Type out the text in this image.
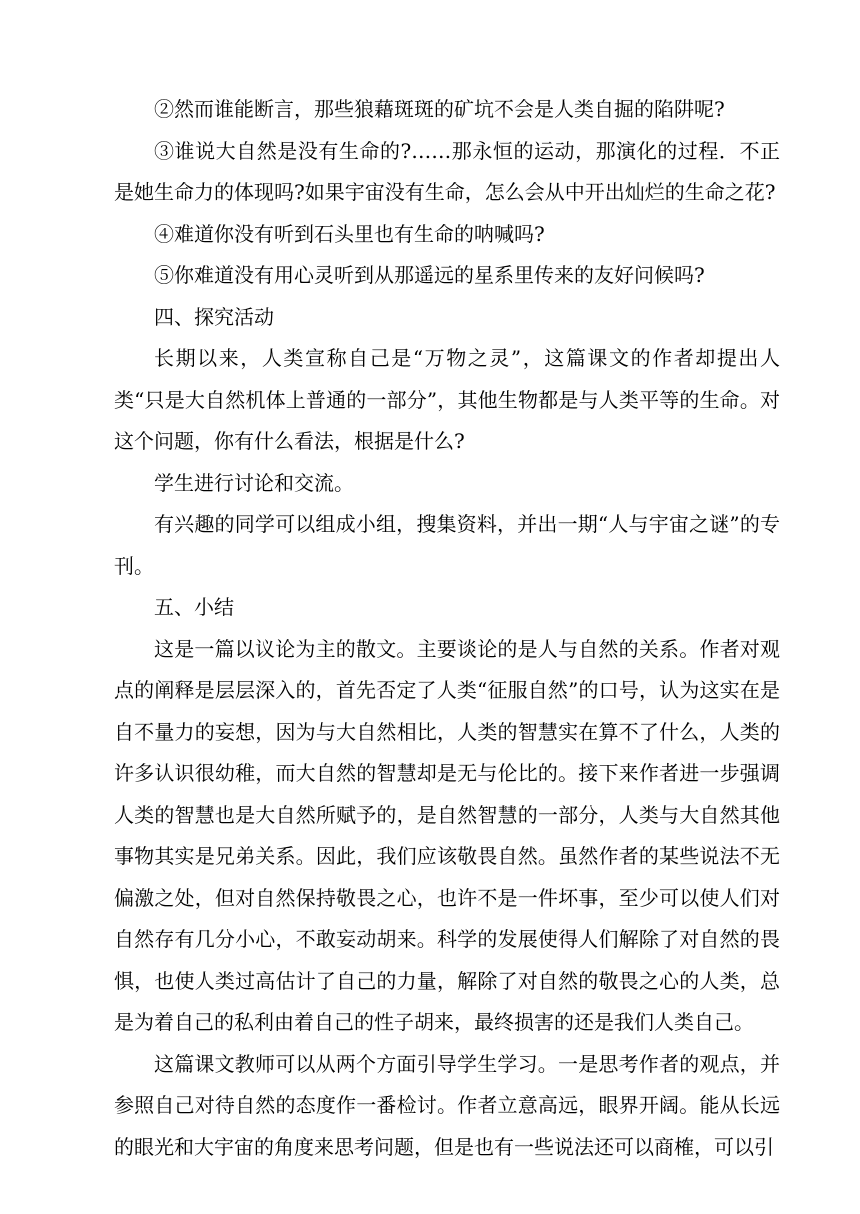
②然而谁能断言，那些狼藉斑斑的矿坑不会是人类自掘的陷阱呢?

③谁说大自然是没有生命的?……那永恒的运动，那演化的过程．不正是她生命力的体现吗?如果宇宙没有生命，怎么会从中开出灿烂的生命之花?

④难道你没有听到石头里也有生命的呐喊吗?

⑤你难道没有用心灵听到从那遥远的星系里传来的友好问候吗?

四、探究活动

长期以来，人类宣称自己是“万物之灵”，这篇课文的作者却提出人类“只是大自然机体上普通的一部分”，其他生物都是与人类平等的生命。对这个问题，你有什么看法，根据是什么?

学生进行讨论和交流。

有兴趣的同学可以组成小组，搜集资料，并出一期“人与宇宙之谜”的专刊。

五、小结

这是一篇以议论为主的散文。主要谈论的是人与自然的关系。作者对观点的阐释是层层深入的，首先否定了人类“征服自然”的口号，认为这实在是自不量力的妄想，因为与大自然相比，人类的智慧实在算不了什么，人类的许多认识很幼稚，而大自然的智慧却是无与伦比的。接下来作者进一步强调人类的智慧也是大自然所赋予的，是自然智慧的一部分，人类与大自然其他事物其实是兄弟关系。因此，我们应该敬畏自然。虽然作者的某些说法不无偏激之处，但对自然保持敬畏之心，也许不是一件坏事，至少可以使人们对自然存有几分小心，不敢妄动胡来。科学的发展使得人们解除了对自然的畏惧，也使人类过高估计了自己的力量，解除了对自然的敬畏之心的人类，总是为着自己的私利由着自己的性子胡来，最终损害的还是我们人类自己。

这篇课文教师可以从两个方面引导学生学习。一是思考作者的观点，并参照自己对待自然的态度作一番检讨。作者立意高远，眼界开阔。能从长远的眼光和大宇宙的角度来思考问题，但是也有一些说法还可以商榷，可以引
